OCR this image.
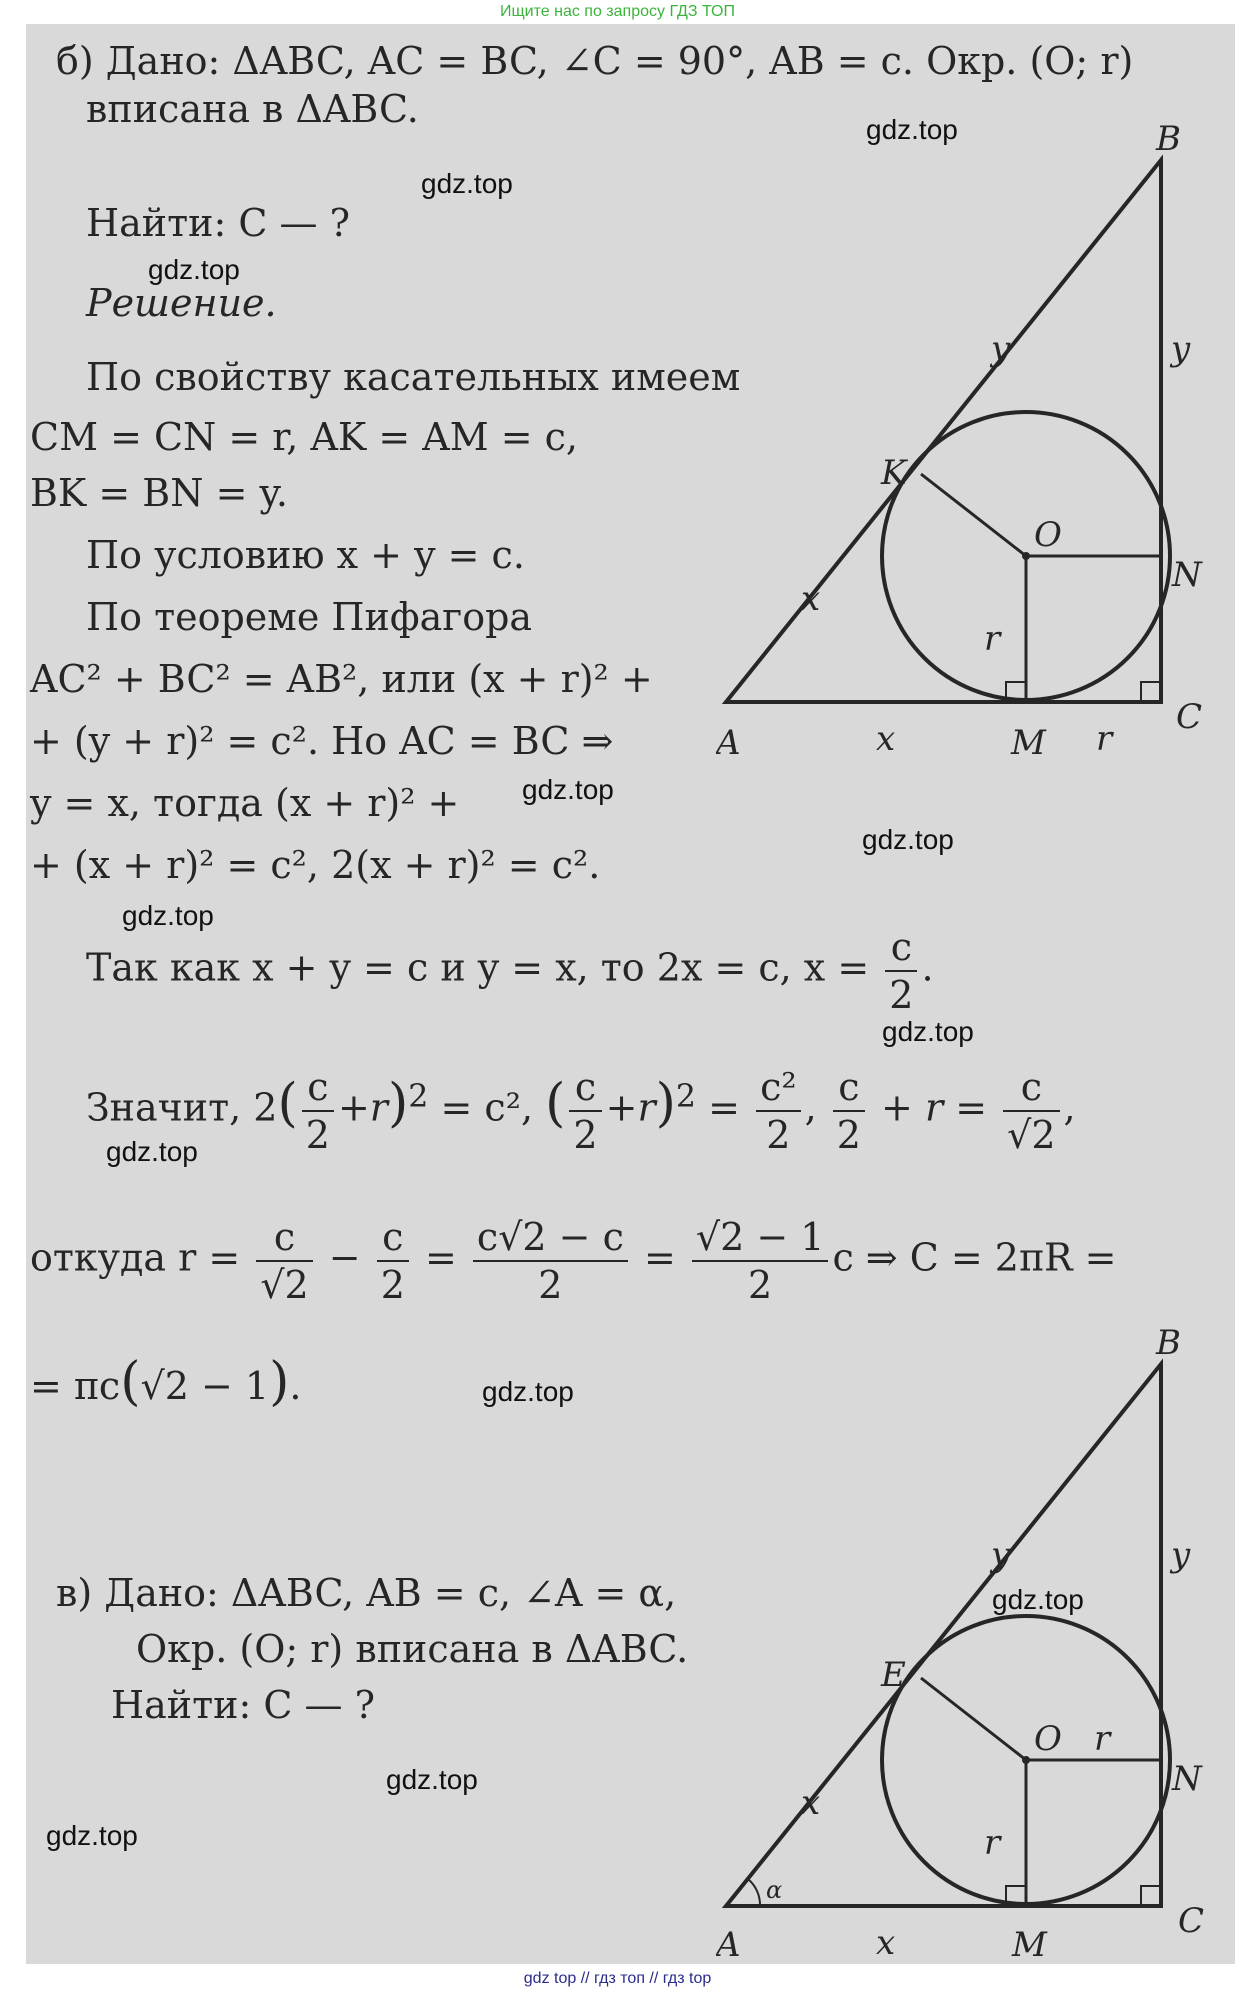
Ищите нас по запросу ГДЗ ТОП
б) Дано: ΔABC, AC = BC, ∠C = 90°, AB = c. Окр. (O; r)
вписана в ΔABC.
Найти: C — ?
Решение.
По свойству касательных имеем
CM = CN = r, AK = AM = c,
BK = BN = y.
По условию x + y = c.
По теореме Пифагора
AC² + BC² = AB², или (x + r)² +
+ (y + r)² = c². Но AC = BC ⇒
y = x, тогда (x + r)² +
+ (x + r)² = c², 2(x + r)² = c².
Так как x + y = c и y = x, то 2x = c, $x = \frac{c}{2}$ .
Значит, $2( \frac{c}{2} +r)^2 = c^2$, ( $\frac{c}{2} +r)^2 = \frac{\text{c²}}{2}$ , $\frac{c}{2} + r = \frac{c}{√2}$ ,
откуда $r = \frac{c}{√2} - \frac{c}{2} = \frac{c√2 - c}{2} = \frac{√2 - 1}{2}$ c ⇒ C = 2πR =
= πc(√2 − 1).
в) Дано: ΔABC, AB = c, ∠A = α,
Окр. (O; r) вписана в ΔABC.
Найти: C — ?
A
B
C
K
N
M
O
x
x
y	y
r
r
A
B
C
E
N
M
O r
r
x
x
y	y
α
gdz.top
gdz.top
gdz.top
gdz.top
gdz.top
gdz.top
gdz.top
gdz.top
gdz.top
gdz.top
gdz.top
gdz.top
gdz top // гдз топ // гдз top
